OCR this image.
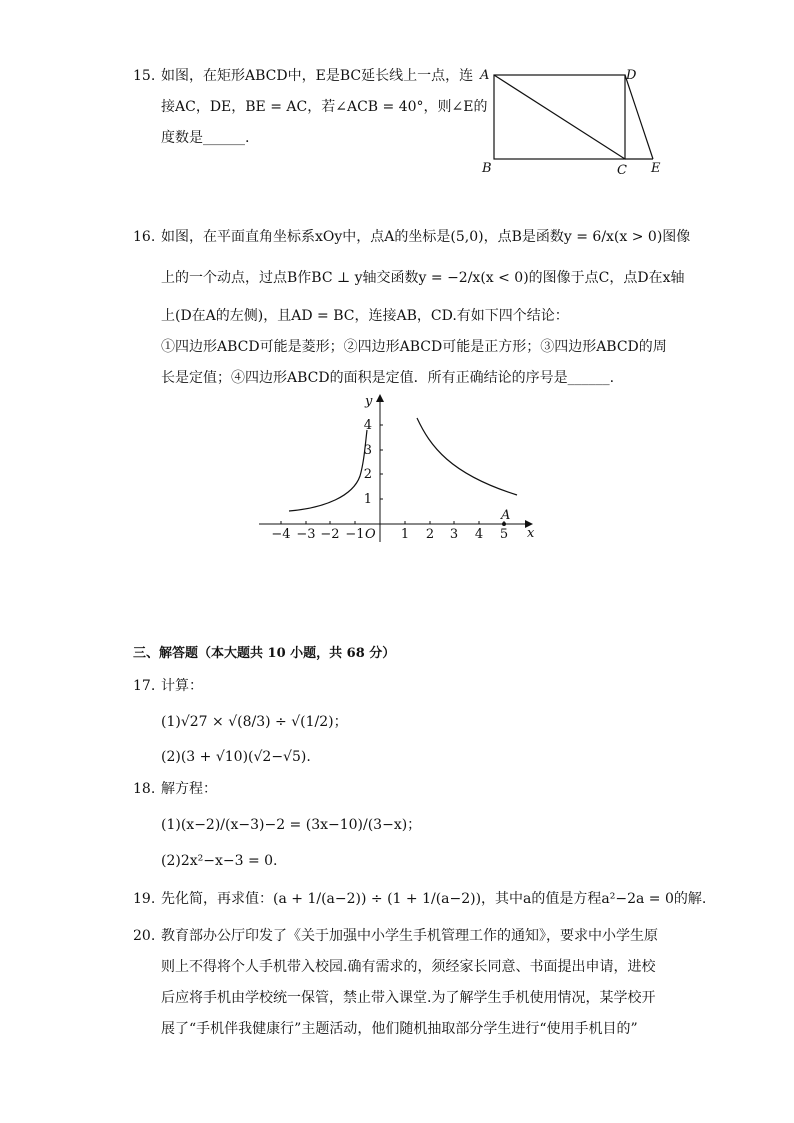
15. 如图，在矩形ABCD中，E是BC延长线上一点，连
接AC，DE，BE = AC，若∠ACB = 40°，则∠E的
度数是______.
A	D
B	C E
16. 如图，在平面直角坐标系xOy中，点A的坐标是(5,0)，点B是函数y = 6/x(x > 0)图像
上的一个动点，过点B作BC ⊥ y轴交函数y = −2/x(x < 0)的图像于点C，点D在x轴
上(D在A的左侧)，且AD = BC，连接AB，CD.有如下四个结论：
①四边形ABCD可能是菱形；②四边形ABCD可能是正方形；③四边形ABCD的周
长是定值；④四边形ABCD的面积是定值．所有正确结论的序号是______.
A
y
x
O
−4 −3 −2 −1	1 2 3 4 5
1
2
3
4
三、解答题（本大题共 10 小题，共 68 分）
17. 计算：
(1)√27 × √(8/3) ÷ √(1/2)；
(2)(3 + √10)(√2−√5).
18. 解方程：
(1)(x−2)/(x−3)−2 = (3x−10)/(3−x)；
(2)2x²−x−3 = 0.
19. 先化简，再求值：(a + 1/(a−2)) ÷ (1 + 1/(a−2))，其中a的值是方程a²−2a = 0的解.
20. 教育部办公厅印发了《关于加强中小学生手机管理工作的通知》，要求中小学生原
则上不得将个人手机带入校园.确有需求的，须经家长同意、书面提出申请，进校
后应将手机由学校统一保管，禁止带入课堂.为了解学生手机使用情况，某学校开
展了“手机伴我健康行”主题活动，他们随机抽取部分学生进行“使用手机目的”
